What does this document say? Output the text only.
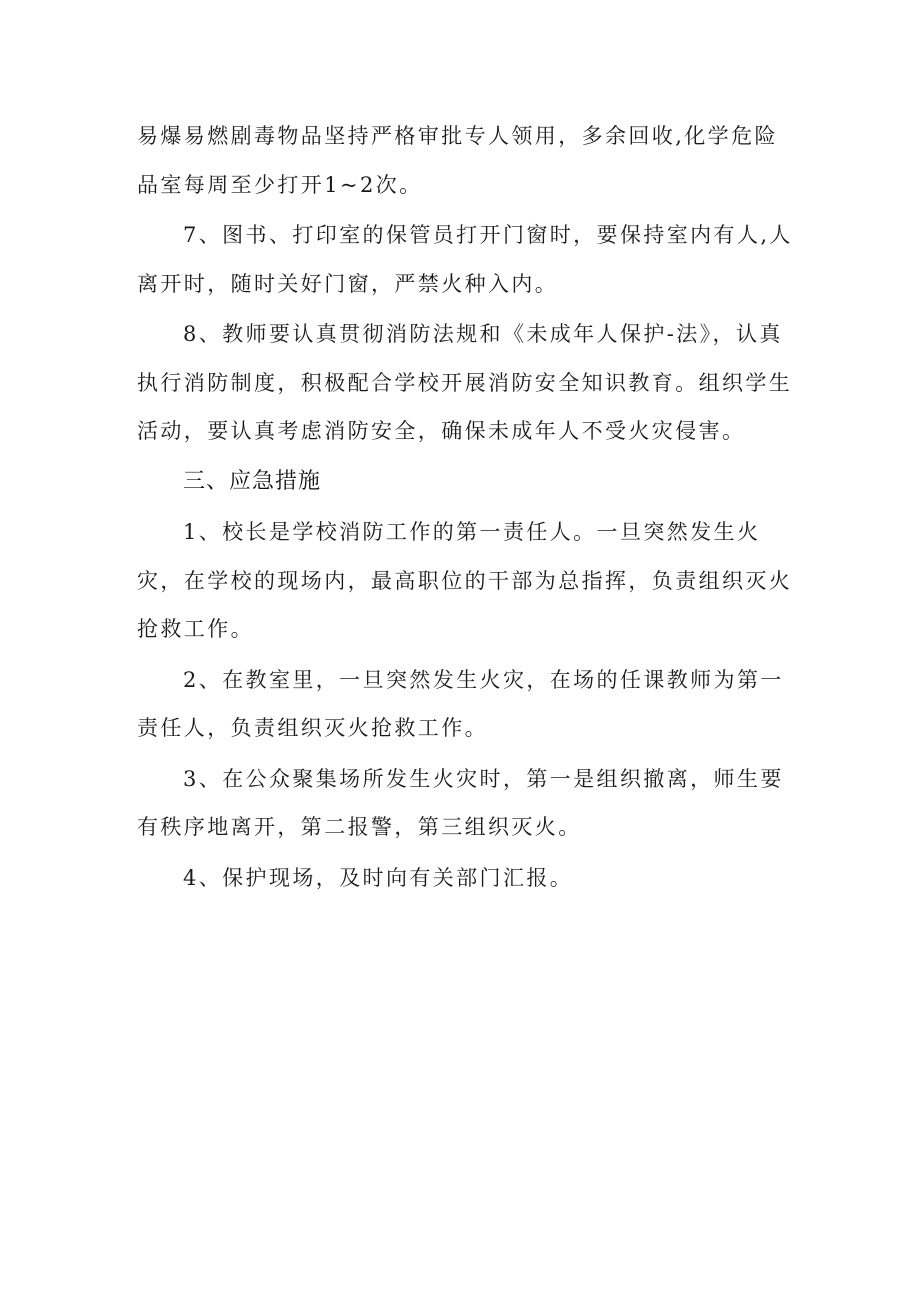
易爆易燃剧毒物品坚持严格审批专人领用，多余回收,化学危险品室每周至少打开1~2次。

7、图书、打印室的保管员打开门窗时，要保持室内有人,人离开时，随时关好门窗，严禁火种入内。

8、教师要认真贯彻消防法规和《未成年人保护-法》，认真执行消防制度，积极配合学校开展消防安全知识教育。组织学生活动，要认真考虑消防安全，确保未成年人不受火灾侵害。

三、应急措施

1、校长是学校消防工作的第一责任人。一旦突然发生火灾，在学校的现场内，最高职位的干部为总指挥，负责组织灭火抢救工作。

2、在教室里，一旦突然发生火灾，在场的任课教师为第一责任人，负责组织灭火抢救工作。

3、在公众聚集场所发生火灾时，第一是组织撤离，师生要有秩序地离开，第二报警，第三组织灭火。

4、保护现场，及时向有关部门汇报。
